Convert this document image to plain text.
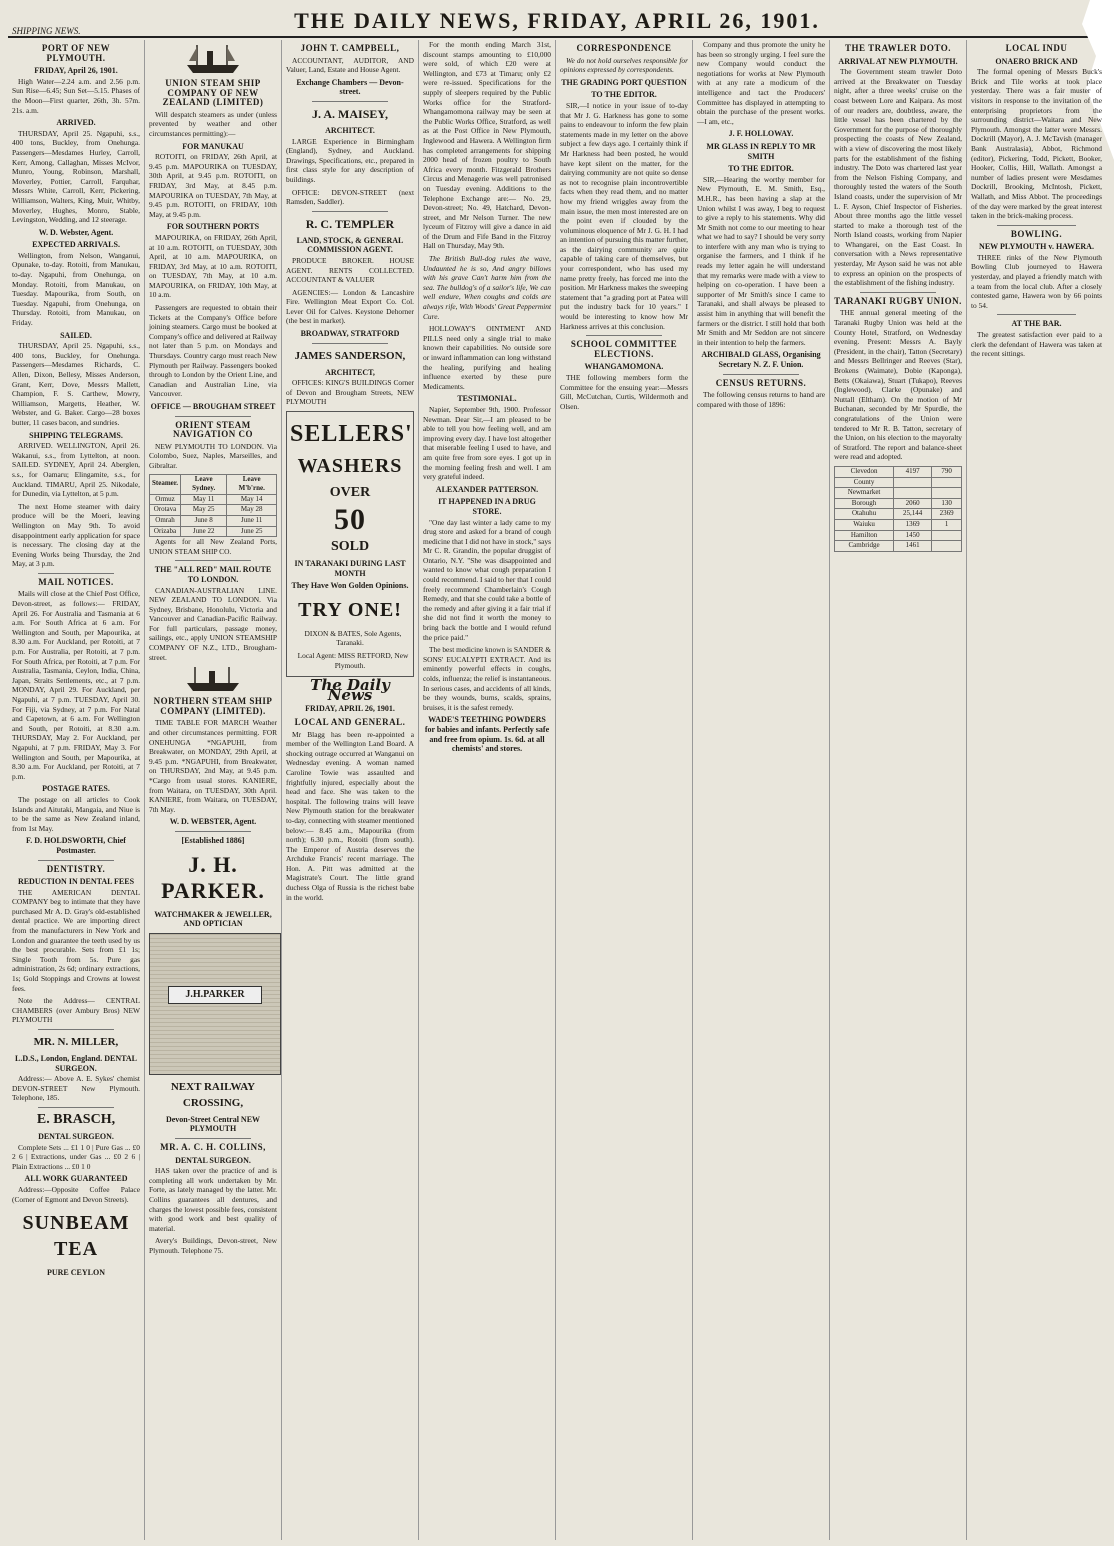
THE DAILY NEWS, FRIDAY, APRIL 26, 1901.
SHIPPING NEWS.
PORT OF NEW PLYMOUTH.
FRIDAY, April 26, 1901.

High Water—2.24 a.m. and 2.56 p.m. Sun Rise—6.45; Sun Set—5.15. Phases of the Moon—First quarter, 26th, 3h. 57m. 21s. a.m.

ARRIVED.

THURSDAY, April 25. Ngapuhi, s.s., 400 tons, Buckley, from Onehunga. Passengers—Mesdames Hurley, Carroll, Kerr, Among, Callaghan, Misses McIvor, Munro, Young, Robinson, Marshall, Moverley, Pottier, Carroll, Farquhar, Messrs White, Carroll, Kerr, Pickering, Williamson, Walters, King, Muir, Whitby, Moverley, Hughes, Monro, Stable, Levingston, Wedding, and 12 steerage.

W. D. Webster, Agent.
EXPECTED ARRIVALS.

Wellington, from Nelson, Wanganui, Opunake, to-day. Rotoiti, from Manukau, to-day. Ngapuhi, from Onehunga, on Monday. Rotoiti, from Manukau, on Tuesday. Mapourika, from South, on Tuesday. Ngapuhi, from Onehunga, on Thursday. Rotoiti, from Manukau, on Friday.

SAILED.

THURSDAY, April 25. Ngapuhi, s.s., 400 tons, Buckley, for Onehunga. Passengers—Mesdames Richards, C. Allen, Dixon, Bellesy, Misses Anderson, Grant, Kerr, Dove, Messrs Mallett, Champion, F. S. Carthew, Mowry, Williamson, Margetts, Heather, W. Webster, and G. Baker. Cargo—28 boxes butter, 11 cases bacon, and sundries.

SHIPPING TELEGRAMS.

ARRIVED. WELLINGTON, April 26. Wakanui, s.s., from Lyttelton, at noon. SAILED. SYDNEY, April 24. Aberglen, s.s., for Oamaru; Elingamite, s.s., for Auckland. TIMARU, April 25. Nikodale, for Dunedin, via Lyttelton, at 5 p.m.

The next Home steamer with dairy produce will be the Moeri, leaving Wellington on May 9th. To avoid disappointment early application for space is necessary. The closing day at the Evening Works being Thursday, the 2nd May, at 3 p.m.

MAIL NOTICES.

Mails will close at the Chief Post Office, Devon-street, as follows:— FRIDAY, April 26. For Australia and Tasmania at 6 a.m. For South Africa at 6 a.m. For Wellington and South, per Mapourika, at 8.30 a.m. For Auckland, per Rotoiti, at 7 p.m. For Australia, per Rotoiti, at 7 p.m. For South Africa, per Rotoiti, at 7 p.m. For Australia, Tasmania, Ceylon, India, China, Japan, Straits Settlements, etc., at 7 p.m. MONDAY, April 29. For Auckland, per Ngapuhi, at 7 p.m. TUESDAY, April 30. For Fiji, via Sydney, at 7 p.m. For Natal and Capetown, at 6 a.m. For Wellington and South, per Rotoiti, at 8.30 a.m. THURSDAY, May 2. For Auckland, per Ngapuhi, at 7 p.m. FRIDAY, May 3. For Wellington and South, per Mapourika, at 8.30 a.m. For Auckland, per Rotoiti, at 7 p.m.

POSTAGE RATES.

The postage on all articles to Cook Islands and Aitutaki, Mangaia, and Niue is to be the same as New Zealand inland, from 1st May.

F. D. HOLDSWORTH, Chief Postmaster.
DENTISTRY.
REDUCTION IN DENTAL FEES

THE AMERICAN DENTAL COMPANY beg to intimate that they have purchased Mr A. D. Gray's old-established dental practice. We are importing direct from the manufacturers in New York and London and guarantee the teeth used by us the best procurable. Sets from £1 1s; Single Tooth from 5s. Pure gas administration, 2s 6d; ordinary extractions, 1s; Gold Stoppings and Crowns at lowest fees.

Note the Address— CENTRAL CHAMBERS (over Ambury Bros) NEW PLYMOUTH

MR. N. MILLER,
L.D.S., London, England. DENTAL SURGEON.

Address:— Above A. E. Sykes' chemist DEVON-STREET New Plymouth. Telephone, 185.

E. BRASCH,
DENTAL SURGEON.

Complete Sets ... £1 1 0 | Pure Gas ... £0 2 6 | Extractions, under Gas ... £0 2 6 | Plain Extractions ... £0 1 0

ALL WORK GUARANTEED

Address:—Opposite Coffee Palace (Corner of Egmont and Devon Streets).

SUNBEAM TEA
PURE CEYLON
UNION STEAM SHIP COMPANY OF NEW ZEALAND (LIMITED)

Will despatch steamers as under (unless prevented by weather and other circumstances permitting):—

FOR MANUKAU

ROTOITI, on FRIDAY, 26th April, at 9.45 p.m. MAPOURIKA on TUESDAY, 30th April, at 9.45 p.m. ROTOITI, on FRIDAY, 3rd May, at 8.45 p.m. MAPOURIKA on TUESDAY, 7th May, at 9.45 p.m. ROTOITI, on FRIDAY, 10th May, at 9.45 p.m.

FOR SOUTHERN PORTS

MAPOURIKA, on FRIDAY, 26th April, at 10 a.m. ROTOITI, on TUESDAY, 30th April, at 10 a.m. MAPOURIKA, on FRIDAY, 3rd May, at 10 a.m. ROTOITI, on TUESDAY, 7th May, at 10 a.m. MAPOURIKA, on FRIDAY, 10th May, at 10 a.m.

Passengers are requested to obtain their Tickets at the Company's Office before joining steamers. Cargo must be booked at Company's office and delivered at Railway not later than 5 p.m. on Mondays and Thursdays. Country cargo must reach New Plymouth per Railway. Passengers booked through to London by the Orient Line, and Canadian and Australian Line, via Vancouver.

OFFICE — BROUGHAM STREET
ORIENT STEAM NAVIGATION CO

NEW PLYMOUTH TO LONDON. Via Colombo, Suez, Naples, Marseilles, and Gibraltar.

Steamer.	Leave Sydney.	Leave M'b'rne.
Ormuz	May 11	May 14
Orotava	May 25	May 28
Omrah	June 8	June 11
Orizaba	June 22	June 25

Agents for all New Zealand Ports, UNION STEAM SHIP CO.

THE "ALL RED" MAIL ROUTE TO LONDON.

CANADIAN-AUSTRALIAN LINE. NEW ZEALAND TO LONDON. Via Sydney, Brisbane, Honolulu, Victoria and Vancouver and Canadian-Pacific Railway. For full particulars, passage money, sailings, etc., apply UNION STEAMSHIP COMPANY OF N.Z., LTD., Brougham-street.

NORTHERN STEAM SHIP COMPANY (LIMITED).

TIME TABLE FOR MARCH Weather and other circumstances permitting. FOR ONEHUNGA *NGAPUHI, from Breakwater, on MONDAY, 29th April, at 9.45 p.m. *NGAPUHI, from Breakwater, on THURSDAY, 2nd May, at 9.45 p.m. *Cargo from usual stores. KANIERE, from Waitara, on TUESDAY, 30th April. KANIERE, from Waitara, on TUESDAY, 7th May.

W. D. WEBSTER, Agent.
[Established 1886]
J. H. PARKER.
WATCHMAKER & JEWELLER, AND OPTICIAN
J.H.PARKER
NEXT RAILWAY CROSSING,
Devon-Street Central NEW PLYMOUTH
MR. A. C. H. COLLINS,
DENTAL SURGEON.

HAS taken over the practice of and is completing all work undertaken by Mr. Forte, as lately managed by the latter. Mr. Collins guarantees all dentures, and charges the lowest possible fees, consistent with good work and best quality of material.

Avery's Buildings, Devon-street, New Plymouth. Telephone 75.

JOHN T. CAMPBELL,

ACCOUNTANT, AUDITOR, AND Valuer, Land, Estate and House Agent.

Exchange Chambers — Devon-street.
J. A. MAISEY,
ARCHITECT.

LARGE Experience in Birmingham (England), Sydney, and Auckland. Drawings, Specifications, etc., prepared in first class style for any description of buildings.

OFFICE: DEVON-STREET (next Ramsden, Saddler).

R. C. TEMPLER
LAND, STOCK, & GENERAL COMMISSION AGENT.

PRODUCE BROKER. HOUSE AGENT. RENTS COLLECTED. ACCOUNTANT & VALUER

AGENCIES:— London & Lancashire Fire. Wellington Meat Export Co. Col. Lever Oil for Calves. Keystone Dehorner (the best in market).

BROADWAY, STRATFORD
JAMES SANDERSON,
ARCHITECT,

OFFICES: KING'S BUILDINGS Corner of Devon and Brougham Streets, NEW PLYMOUTH

SELLERS'
WASHERS
OVER
50
SOLD
IN TARANAKI DURING LAST MONTH
They Have Won Golden Opinions.
TRY ONE!

DIXON & BATES, Sole Agents, Taranaki.

Local Agent: MISS RETFORD, New Plymouth.

The Daily News
FRIDAY, APRIL 26, 1901.
LOCAL AND GENERAL.

Mr Blagg has been re-appointed a member of the Wellington Land Board. A shocking outrage occurred at Wanganui on Wednesday evening. A woman named Caroline Towie was assaulted and frightfully injured, especially about the head and face. She was taken to the hospital. The following trains will leave New Plymouth station for the breakwater to-day, connecting with steamer mentioned below:— 8.45 a.m., Mapourika (from north); 6.30 p.m., Rotoiti (from south). The Emperor of Austria deserves the Archduke Francis' recent marriage. The Hon. A. Pitt was admitted at the Magistrate's Court. The little grand duchess Olga of Russia is the richest babe in the world.

For the month ending March 31st, discount stamps amounting to £10,000 were sold, of which £20 were at Wellington, and £73 at Timaru; only £2 were re-issued. Specifications for the supply of sleepers required by the Public Works office for the Stratford-Whangamomona railway may be seen at the Public Works Office, Stratford, as well as at the Post Office in New Plymouth, Inglewood and Hawera. A Wellington firm has completed arrangements for shipping 2000 head of frozen poultry to South Africa every month. Fitzgerald Brothers Circus and Menagerie was well patronised on Tuesday evening. Additions to the Telephone Exchange are:— No. 29, Devon-street; No. 49, Hatchard, Devon-street, and Mr Nelson Turner. The new lyceum of Fitzroy will give a dance in aid of the Drum and Fife Band in the Fitzroy Hall on Thursday, May 9th.

The British Bull-dog rules the wave, Undaunted he is so, And angry billows with his grave Can't harm him from the sea. The bulldog's of a sailor's life, We can well endure, When coughs and colds are always rife, With Woods' Great Peppermint Cure.

HOLLOWAY'S OINTMENT AND PILLS need only a single trial to make known their capabilities. No outside sore or inward inflammation can long withstand the healing, purifying and healing influence exerted by these pure Medicaments.

TESTIMONIAL.

Napier, September 9th, 1900. Professor Newman. Dear Sir,—I am pleased to be able to tell you how feeling well, and am improving every day. I have lost altogether that miserable feeling I used to have, and am quite free from sore eyes. I got up in the morning feeling fresh and well. I am very grateful indeed.

ALEXANDER PATTERSON.
IT HAPPENED IN A DRUG STORE.

"One day last winter a lady came to my drug store and asked for a brand of cough medicine that I did not have in stock," says Mr C. R. Grandin, the popular druggist of Ontario, N.Y. "She was disappointed and wanted to know what cough preparation I could recommend. I said to her that I could freely recommend Chamberlain's Cough Remedy, and that she could take a bottle of the remedy and after giving it a fair trial if she did not find it worth the money to bring back the bottle and I would refund the price paid."

The best medicine known is SANDER & SONS' EUCALYPTI EXTRACT. And its eminently powerful effects in coughs, colds, influenza; the relief is instantaneous. In serious cases, and accidents of all kinds, be they wounds, burns, scalds, sprains, bruises, it is the safest remedy.

WADE'S TEETHING POWDERS for babies and infants. Perfectly safe and free from opium. 1s. 6d. at all chemists' and stores.
CORRESPONDENCE

We do not hold ourselves responsible for opinions expressed by correspondents.

THE GRADING PORT QUESTION
TO THE EDITOR.

SIR,—I notice in your issue of to-day that Mr J. G. Harkness has gone to some pains to endeavour to inform the few plain statements made in my letter on the above subject a few days ago. I certainly think if Mr Harkness had been posted, he would have kept silent on the matter, for the dairying community are not quite so dense as not to recognise plain incontrovertible facts when they read them, and no matter how my friend wriggles away from the main issue, the men most interested are on the point even if clouded by the voluminous eloquence of Mr J. G. H. I had an intention of pursuing this matter further, as the dairying community are quite capable of taking care of themselves, but your correspondent, who has used my name pretty freely, has forced me into the position. Mr Harkness makes the sweeping statement that "a grading port at Patea will put the industry back for 10 years." I would be interesting to know how Mr Harkness arrives at this conclusion.

SCHOOL COMMITTEE ELECTIONS.
WHANGAMOMONA.

THE following members form the Committee for the ensuing year:—Messrs Gill, McCutchan, Curtis, Wildermoth and Olsen.

Company and thus promote the unity he has been so strongly urging. I feel sure the new Company would conduct the negotiations for works at New Plymouth with at any rate a modicum of the intelligence and tact the Producers' Committee has displayed in attempting to obtain the purchase of the present works.—I am, etc.,

J. F. HOLLOWAY.
MR GLASS IN REPLY TO MR SMITH
TO THE EDITOR.

SIR,—Hearing the worthy member for New Plymouth, E. M. Smith, Esq., M.H.R., has been having a slap at the Union whilst I was away, I beg to request to give a reply to his statements. Why did Mr Smith not come to our meeting to hear what we had to say? I should be very sorry to interfere with any man who is trying to organise the farmers, and I think if he reads my letter again he will understand that my remarks were made with a view to helping on co-operation. I have been a supporter of Mr Smith's since I came to Taranaki, and shall always be pleased to assist him in anything that will benefit the farmers or the district. I still hold that both Mr Smith and Mr Seddon are not sincere in their intention to help the farmers.

ARCHIBALD GLASS, Organising Secretary N. Z. F. Union.
CENSUS RETURNS.

The following census returns to hand are compared with those of 1896:

THE TRAWLER DOTO.
ARRIVAL AT NEW PLYMOUTH.

The Government steam trawler Doto arrived at the Breakwater on Tuesday night, after a three weeks' cruise on the coast between Lore and Kaipara. As most of our readers are, doubtless, aware, the little vessel has been chartered by the Government for the purpose of thoroughly prospecting the coasts of New Zealand, with a view of discovering the most likely parts for the establishment of the fishing industry. The Doto was chartered last year from the Nelson Fishing Company, and thoroughly tested the waters of the South Island coasts, under the supervision of Mr L. F. Ayson, Chief Inspector of Fisheries. About three months ago the little vessel started to make a thorough test of the North Island coasts, working from Napier to Whangarei, on the East Coast. In conversation with a News representative yesterday, Mr Ayson said he was not able to express an opinion on the prospects of the establishment of the fishing industry.

TARANAKI RUGBY UNION.

THE annual general meeting of the Taranaki Rugby Union was held at the County Hotel, Stratford, on Wednesday evening. Present: Messrs A. Bayly (President, in the chair), Tatton (Secretary) and Messrs Bellringer and Reeves (Star), Brokens (Waimate), Dobie (Kaponga), Betts (Okaiawa), Stuart (Tukapo), Reeves (Inglewood), Clarke (Opunake) and Nuttall (Eltham). On the motion of Mr Buchanan, seconded by Mr Spurdle, the congratulations of the Union were tendered to Mr R. B. Tatton, secretary of the Union, on his election to the mayoralty of Stratford. The report and balance-sheet were read and adopted.

Clevedon	4197	790
County		
Newmarket		
Borough	2060	130
Otahuhu	25,144	2369
Waiuku	1369	1
Hamilton	1450	
Cambridge	1461	
LOCAL INDU
ONAERO BRICK AND

The formal opening of Messrs Buck's Brick and Tile works at took place yesterday. There was a fair muster of visitors in response to the invitation of the enterprising proprietors from the surrounding district—Waitara and New Plymouth. Amongst the latter were Messrs. Dockrill (Mayor), A. J. McTavish (manager Bank Australasia), Abbot, Richmond (editor), Pickering, Todd, Pickett, Booker, Hooker, Collis, Hill, Wallath. Amongst a number of ladies present were Mesdames Dockrill, Brooking, McIntosh, Pickett, Wallath, and Miss Abbot. The proceedings of the day were marked by the great interest taken in the brick-making process.

BOWLING.
NEW PLYMOUTH v. HAWERA.

THREE rinks of the New Plymouth Bowling Club journeyed to Hawera yesterday, and played a friendly match with a team from the local club. After a closely contested game, Hawera won by 66 points to 54.

AT THE BAR.

The greatest satisfaction ever paid to a clerk the defendant of Hawera was taken at the recent sittings.
